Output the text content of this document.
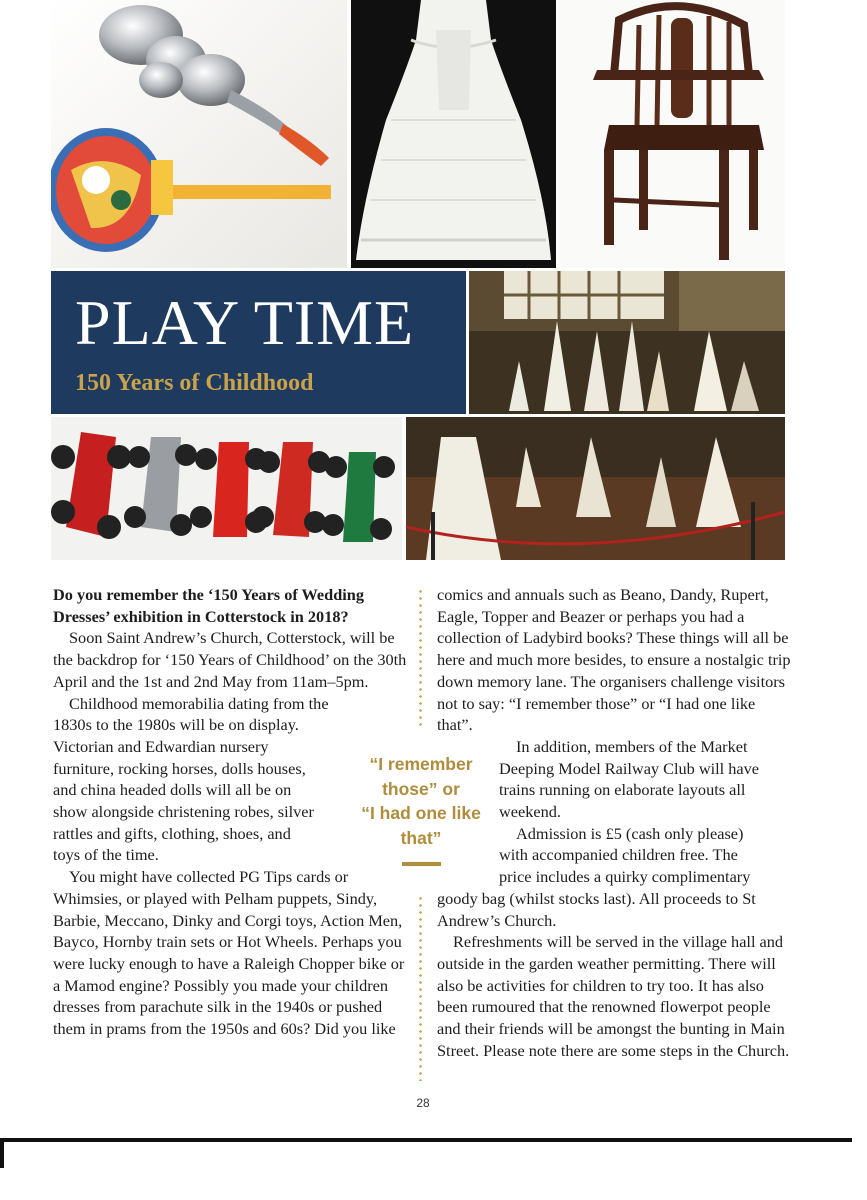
PLAY TIME
150 Years of Childhood

Do you remember the ‘150 Years of Wedding Dresses’ exhibition in Cotterstock in 2018?

Soon Saint Andrew’s Church, Cotterstock, will be the backdrop for ‘150 Years of Childhood’ on the 30th April and the 1st and 2nd May from 11am–5pm.

Childhood memorabilia dating from the

1830s to the 1980s will be on display.
Victorian and Edwardian nursery
furniture, rocking horses, dolls houses,
and china headed dolls will all be on
show alongside christening robes, silver
rattles and gifts, clothing, shoes, and
toys of the time.

You might have collected PG Tips cards or Whimsies, or played with Pelham puppets, Sindy, Barbie, Meccano, Dinky and Corgi toys, Action Men, Bayco, Hornby train sets or Hot Wheels. Perhaps you were lucky enough to have a Raleigh Chopper bike or a Mamod engine? Possibly you made your children dresses from parachute silk in the 1940s or pushed them in prams from the 1950s and 60s? Did you like

“I remember
those” or
“I had one like
that”

comics and annuals such as Beano, Dandy, Rupert, Eagle, Topper and Beazer or perhaps you had a collection of Ladybird books? These things will all be here and much more besides, to ensure a nostalgic trip down memory lane. The organisers challenge visitors not to say: “I remember those” or “I had one like that”.

In addition, members of the Market
Deeping Model Railway Club will have
trains running on elaborate layouts all
weekend.

Admission is £5 (cash only please)
with accompanied children free. The
price includes a quirky complimentary

goody bag (whilst stocks last). All proceeds to St Andrew’s Church.

Refreshments will be served in the village hall and outside in the garden weather permitting. There will also be activities for children to try too. It has also been rumoured that the renowned flowerpot people and their friends will be amongst the bunting in Main Street. Please note there are some steps in the Church.

28
